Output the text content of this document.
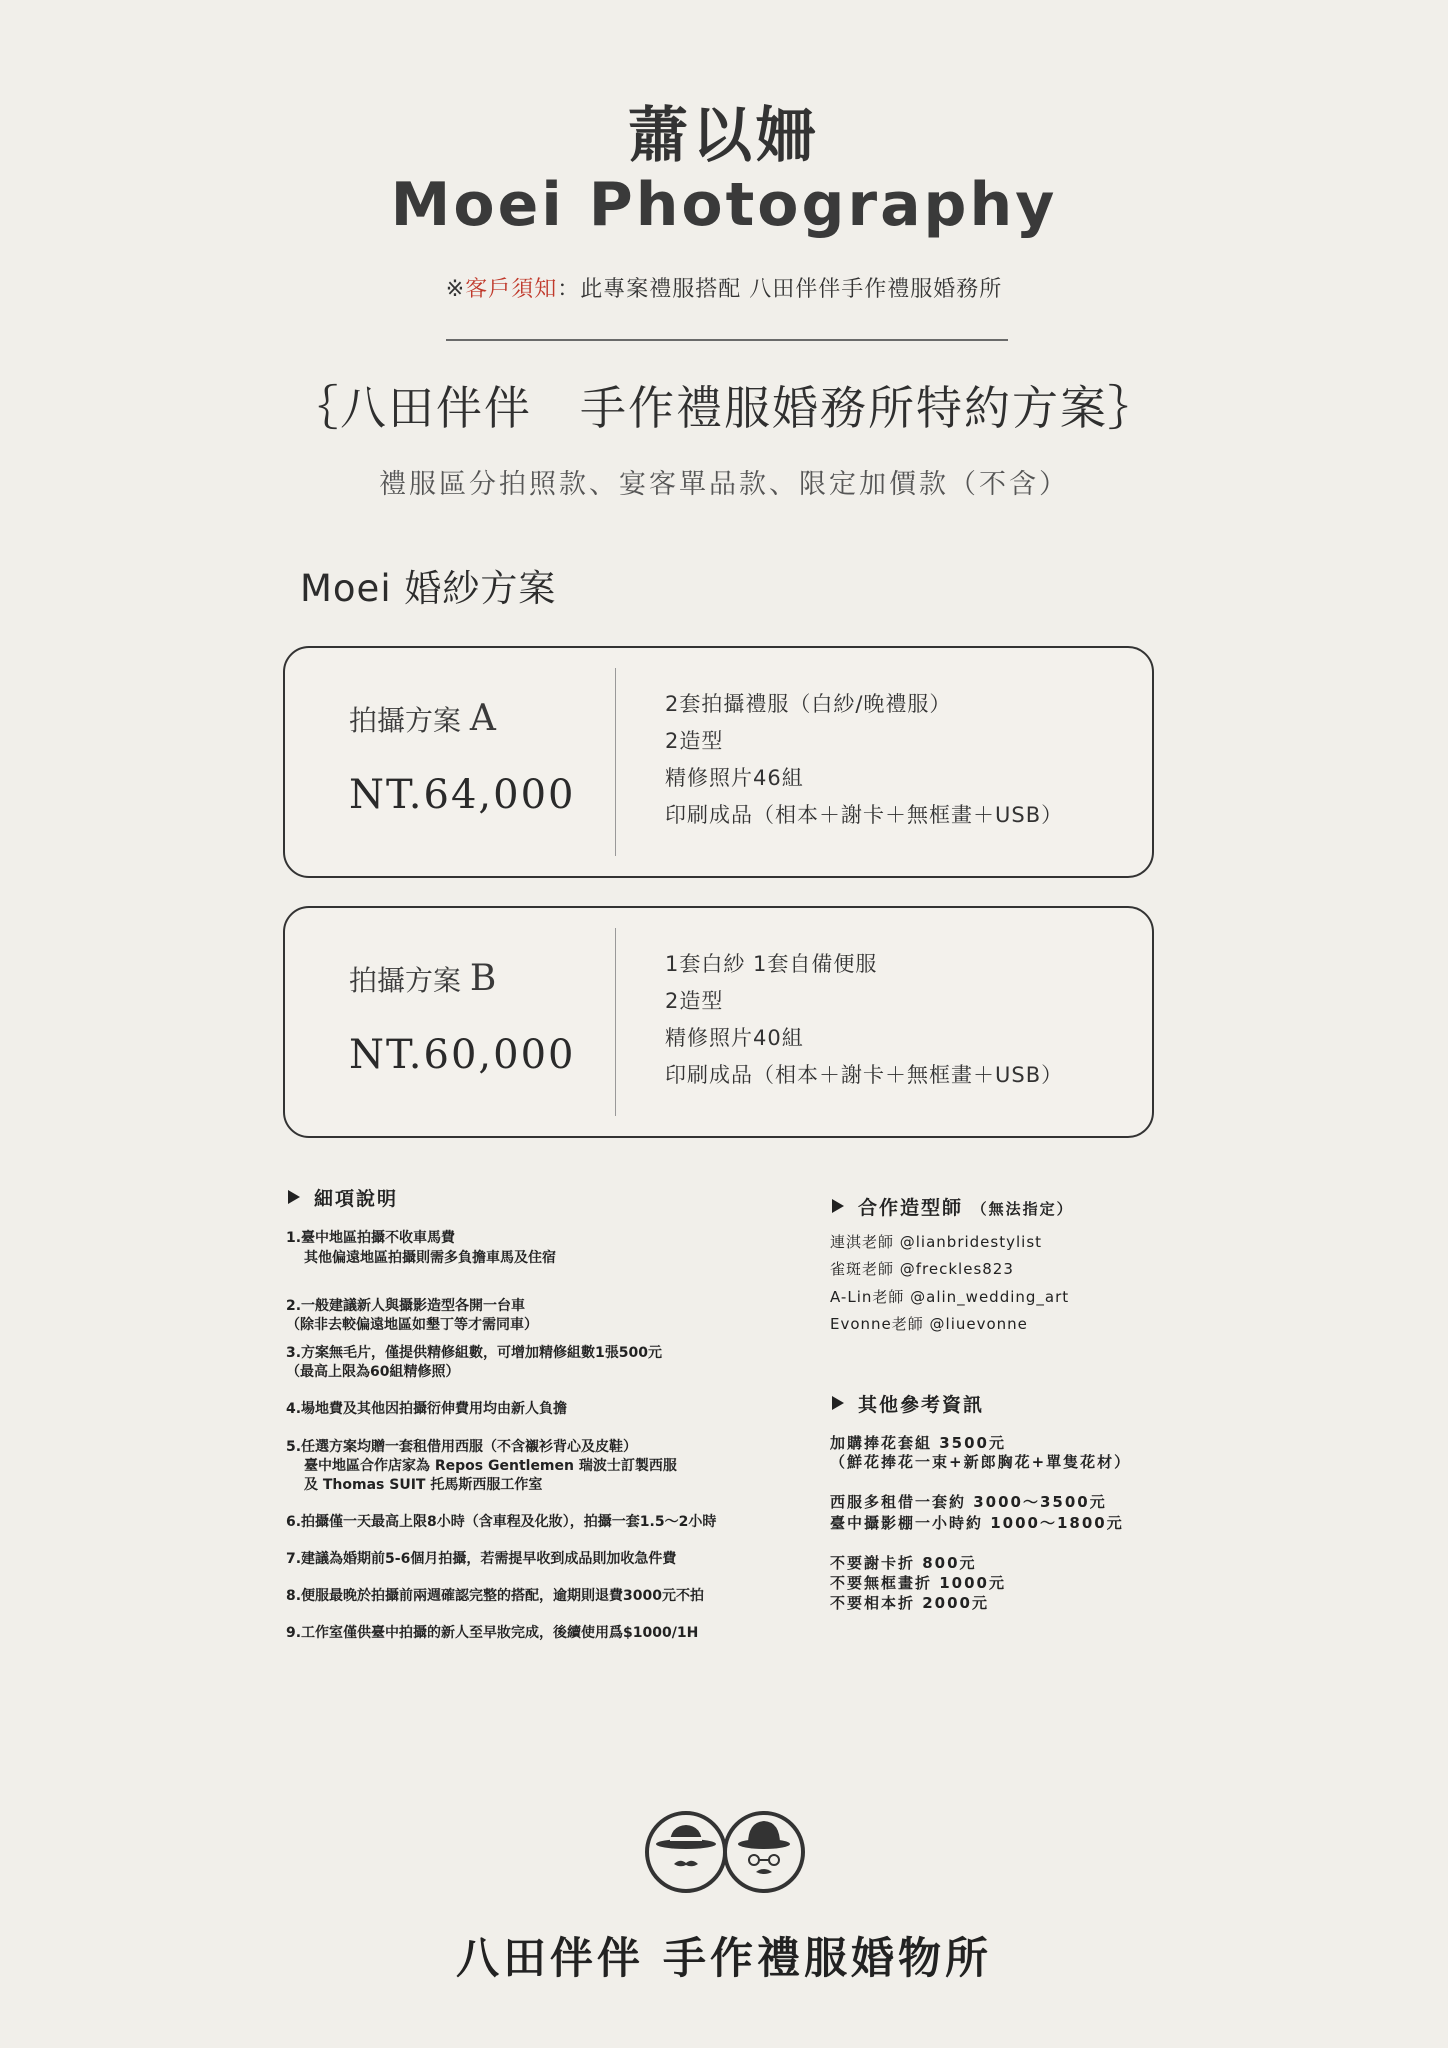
蕭以姍
Moei Photography
※客戶須知：此專案禮服搭配 八田伴伴手作禮服婚務所
｛八田伴伴　手作禮服婚務所特約方案｝
禮服區分拍照款、宴客單品款、限定加價款（不含）
Moei 婚紗方案
拍攝方案 A
NT.64,000
2套拍攝禮服（白紗/晚禮服）
2造型
精修照片46組
印刷成品（相本＋謝卡＋無框畫＋USB）
拍攝方案 B
NT.60,000
1套白紗 1套自備便服
2造型
精修照片40組
印刷成品（相本＋謝卡＋無框畫＋USB）
細項說明
1.臺中地區拍攝不收車馬費
其他偏遠地區拍攝則需多負擔車馬及住宿
2.一般建議新人與攝影造型各開一台車
（除非去較偏遠地區如墾丁等才需同車）
3.方案無毛片，僅提供精修組數，可增加精修組數1張500元
（最高上限為60組精修照）
4.場地費及其他因拍攝衍伸費用均由新人負擔
5.任選方案均贈一套租借用西服（不含襯衫背心及皮鞋）
臺中地區合作店家為 Repos Gentlemen 瑞波士訂製西服
及 Thomas SUIT 托馬斯西服工作室
6.拍攝僅一天最高上限8小時（含車程及化妝），拍攝一套1.5～2小時
7.建議為婚期前5-6個月拍攝，若需提早收到成品則加收急件費
8.便服最晚於拍攝前兩週確認完整的搭配，逾期則退費3000元不拍
9.工作室僅供臺中拍攝的新人至早妝完成，後續使用爲$1000/1H
合作造型師 （無法指定）
連淇老師 @lianbridestylist
雀斑老師 @freckles823
A-Lin老師 @alin_wedding_art
Evonne老師 @liuevonne
其他參考資訊
加購捧花套組 3500元
（鮮花捧花一束+新郎胸花+單隻花材）
西服多租借一套約 3000～3500元
臺中攝影棚一小時約 1000～1800元
不要謝卡折 800元
不要無框畫折 1000元
不要相本折 2000元
八田伴伴 手作禮服婚物所
